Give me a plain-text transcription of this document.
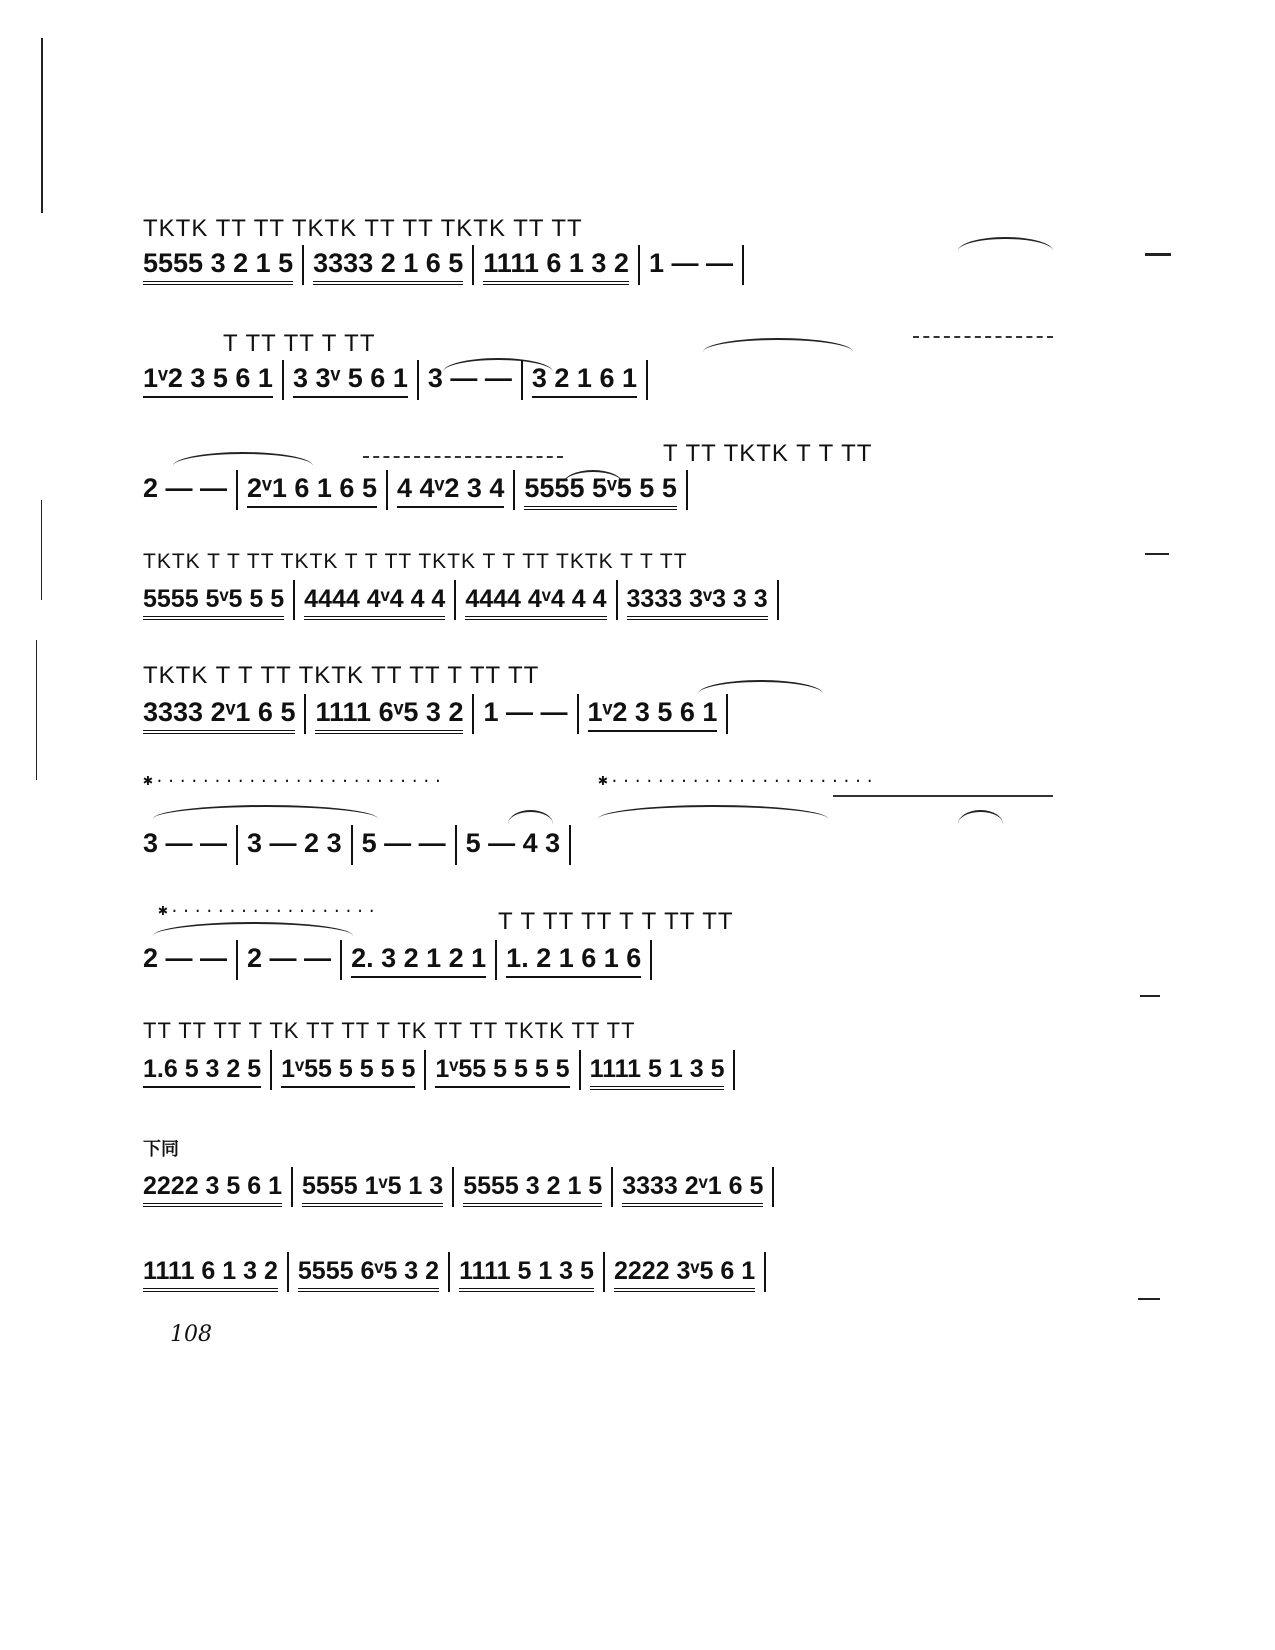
TKTK TT TT TKTK TT TT TKTK TT TT
5555 3 2 1 5 3333 2 1 6 5 1111 6 1 3 2 1 — —
T TT TT T TT
1ᵛ2 3 5 6 1 3 3ᵛ 5 6 1 3 — — 3 2 1 6 1
T TT TKTK T T TT
2 — — 2ᵛ1 6 1 6 5 4 4ᵛ2 3 4 5555 5ᵛ5 5 5
TKTK T T TT TKTK T T TT TKTK T T TT TKTK T T TT
5555 5ᵛ5 5 5 4444 4ᵛ4 4 4 4444 4ᵛ4 4 4 3333 3ᵛ3 3 3
TKTK T T TT TKTK TT TT T TT TT
3333 2ᵛ1 6 5 1111 6ᵛ5 3 2 1 — — 1ᵛ2 3 5 6 1
✱·························	✱·······················
3 — — 3 — 2 3 5 — — 5 — 4 3
✱··················	T T TT TT T T TT TT
2 — — 2 — — 2. 3 2 1 2 1 1. 2 1 6 1 6
TT TT TT T TK TT TT T TK TT TT TKTK TT TT
1.6 5 3 2 5 1ᵛ55 5 5 5 5 1ᵛ55 5 5 5 5 1111 5 1 3 5
下同
2222 3 5 6 1 5555 1ᵛ5 1 3 5555 3 2 1 5 3333 2ᵛ1 6 5
1111 6 1 3 2 5555 6ᵛ5 3 2 1111 5 1 3 5 2222 3ᵛ5 6 1
108
